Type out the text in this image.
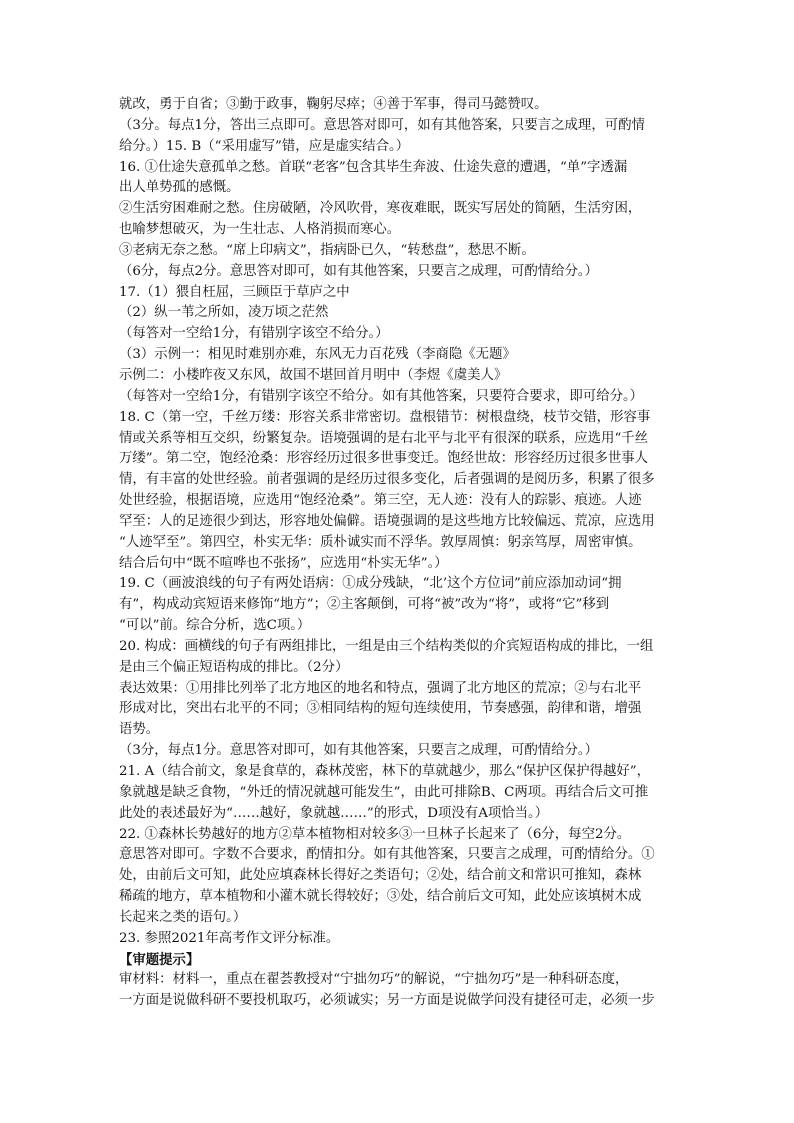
就改，勇于自省；③勤于政事，鞠躬尽瘁；④善于军事，得司马懿赞叹。

（3分。每点1分，答出三点即可。意思答对即可，如有其他答案，只要言之成理，可酌情

给分。）15. B（“采用虚写”错，应是虚实结合。）

16. ①仕途失意孤单之愁。首联“老客”包含其毕生奔波、仕途失意的遭遇，“单”字透漏

出人单势孤的感慨。

②生活穷困难耐之愁。住房破陋，冷风吹骨，寒夜难眠，既实写居处的简陋，生活穷困，

也喻梦想破灭，为一生壮志、人格消损而寒心。

③老病无奈之愁。“席上印病文”，指病卧已久，“转愁盘”，愁思不断。

（6分，每点2分。意思答对即可，如有其他答案，只要言之成理，可酌情给分。）

17.（1）猥自枉屈，三顾臣于草庐之中

（2）纵一苇之所如，凌万顷之茫然

（每答对一空给1分，有错别字该空不给分。）

（3）示例一：相见时难别亦难，东风无力百花残（李商隐《无题》

示例二：小楼昨夜又东风，故国不堪回首月明中（李煜《虞美人》

（每答对一空给1分，有错别字该空不给分。如有其他答案，只要符合要求，即可给分。）

18. C（第一空，千丝万缕：形容关系非常密切。盘根错节：树根盘绕，枝节交错，形容事

情或关系等相互交织，纷繁复杂。语境强调的是右北平与北平有很深的联系，应选用“千丝

万缕”。第二空，饱经沧桑：形容经历过很多世事变迁。饱经世故：形容经历过很多世事人

情，有丰富的处世经验。前者强调的是经历过很多变化，后者强调的是阅历多，积累了很多

处世经验，根据语境，应选用“饱经沧桑”。第三空，无人迹：没有人的踪影、痕迹。人迹

罕至：人的足迹很少到达，形容地处偏僻。语境强调的是这些地方比较偏远、荒凉，应选用

“人迹罕至”。第四空，朴实无华：质朴诚实而不浮华。敦厚周慎：躬亲笃厚，周密审慎。

结合后句中“既不喧哗也不张扬”，应选用“朴实无华”。）

19. C（画波浪线的句子有两处语病：①成分残缺，“北’这个方位词”前应添加动词“拥

有”，构成动宾短语来修饰“地方”；②主客颠倒，可将“被”改为“将”，或将“它”移到

“可以”前。综合分析，选C项。）

20. 构成：画横线的句子有两组排比，一组是由三个结构类似的介宾短语构成的排比，一组

是由三个偏正短语构成的排比。（2分）

表达效果：①用排比列举了北方地区的地名和特点，强调了北方地区的荒凉；②与右北平

形成对比，突出右北平的不同；③相同结构的短句连续使用，节奏感强，韵律和谐，增强

语势。

（3分，每点1分。意思答对即可，如有其他答案，只要言之成理，可酌情给分。）

21. A（结合前文，象是食草的，森林茂密，林下的草就越少，那么“保护区保护得越好”，

象就越是缺乏食物，“外迁的情况就越可能发生”，由此可排除B、C两项。再结合后文可推

此处的表述最好为“……越好，象就越……”的形式，D项没有A项恰当。）

22. ①森林长势越好的地方②草本植物相对较多③一旦林子长起来了（6分，每空2分。

意思答对即可。字数不合要求，酌情扣分。如有其他答案，只要言之成理，可酌情给分。①

处，由前后文可知，此处应填森林长得好之类语句；②处，结合前文和常识可推知，森林

稀疏的地方，草本植物和小灌木就长得较好；③处，结合前后文可知，此处应该填树木成

长起来之类的语句。）

23. 参照2021年高考作文评分标准。

【审题提示】

审材料：材料一，重点在翟荟教授对“宁拙勿巧”的解说，“宁拙勿巧”是一种科研态度，

一方面是说做科研不要投机取巧，必须诚实；另一方面是说做学问没有捷径可走，必须一步
